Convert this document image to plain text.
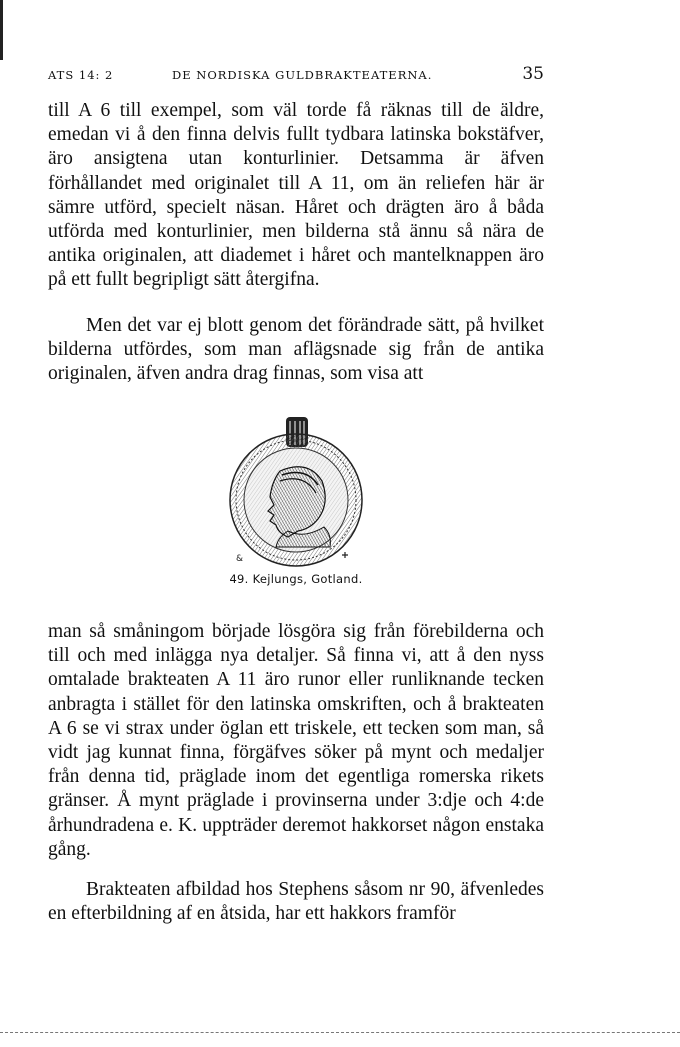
ATS 14: 2	DE NORDISKA GULDBRAKTEATERNA.	35

till A 6 till exempel, som väl torde få räknas till de äldre, emedan vi å den finna delvis fullt tydbara latinska bokstäfver, äro ansigtena utan konturlinier. Detsamma är äfven förhållandet med originalet till A 11, om än reliefen här är sämre utförd, specielt näsan. Håret och drägten äro å båda utförda med konturlinier, men bilderna stå ännu så nära de antika originalen, att diademet i håret och mantelknappen äro på ett fullt begripligt sätt återgifna.

Men det var ej blott genom det förändrade sätt, på hvilket bilderna utfördes, som man aflägsnade sig från de antika originalen, äfven andra drag finnas, som visa att

&
49. Kejlungs, Gotland.

man så småningom började lösgöra sig från förebilderna och till och med inlägga nya detaljer. Så finna vi, att å den nyss omtalade brakteaten A 11 äro runor eller runliknande tecken anbragta i stället för den latinska omskriften, och å brakteaten A 6 se vi strax under öglan ett triskele, ett tecken som man, så vidt jag kunnat finna, förgäfves söker på mynt och medaljer från denna tid, präglade inom det egentliga romerska rikets gränser. Å mynt präglade i provinserna under 3:dje och 4:de århundradena e. K. uppträder deremot hakkorset någon enstaka gång.

Brakteaten afbildad hos Stephens såsom nr 90, äfvenledes en efterbildning af en åtsida, har ett hakkors framför
